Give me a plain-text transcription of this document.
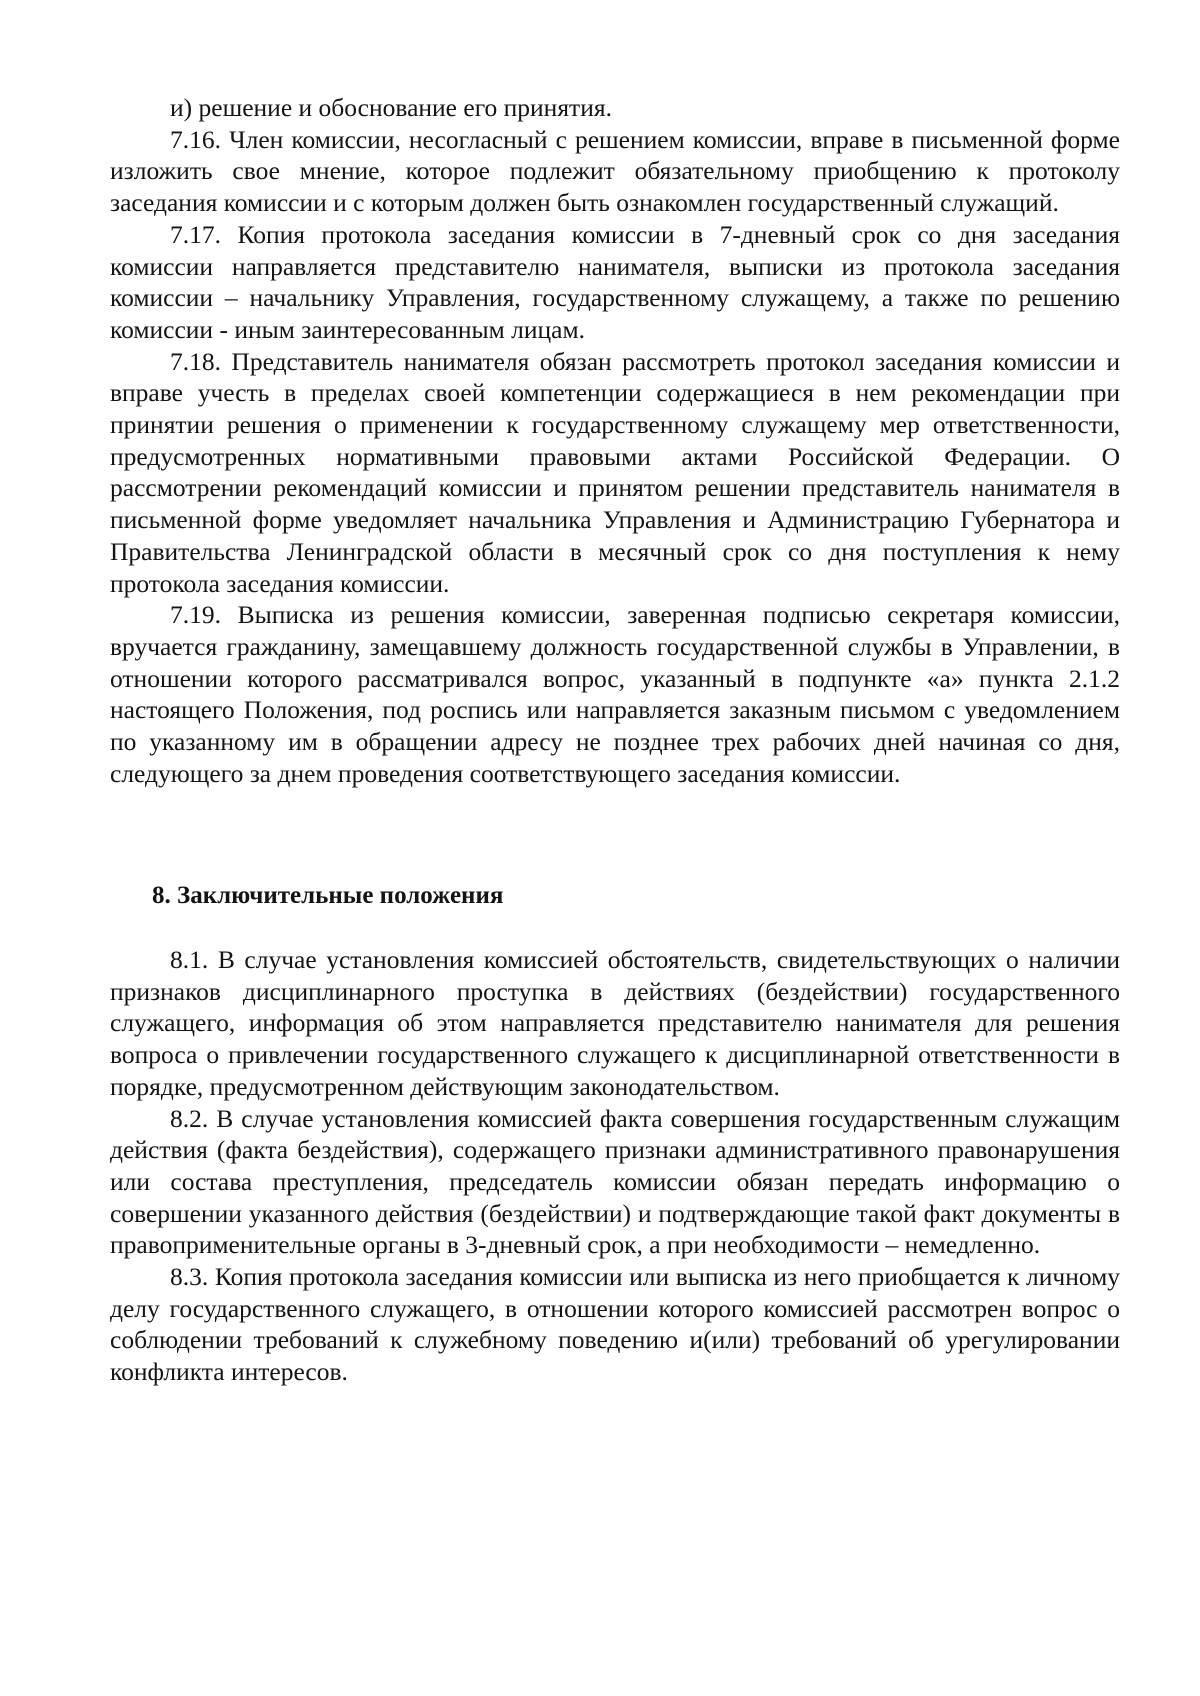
и) решение и обоснование его принятия.

7.16. Член комиссии, несогласный с решением комиссии, вправе в письменной форме изложить свое мнение, которое подлежит обязательному приобщению к протоколу заседания комиссии и с которым должен быть ознакомлен государственный служащий.

7.17. Копия протокола заседания комиссии в 7-дневный срок со дня заседания комиссии направляется представителю нанимателя, выписки из протокола заседания комиссии – начальнику Управления, государственному служащему, а также по решению комиссии - иным заинтересованным лицам.

7.18. Представитель нанимателя обязан рассмотреть протокол заседания комиссии и вправе учесть в пределах своей компетенции содержащиеся в нем рекомендации при принятии решения о применении к государственному служащему мер ответственности, предусмотренных нормативными правовыми актами Российской Федерации. О рассмотрении рекомендаций комиссии и принятом решении представитель нанимателя в письменной форме уведомляет начальника Управления и Администрацию Губернатора и Правительства Ленинградской области в месячный срок со дня поступления к нему протокола заседания комиссии.

7.19. Выписка из решения комиссии, заверенная подписью секретаря комиссии, вручается гражданину, замещавшему должность государственной службы в Управлении, в отношении которого рассматривался вопрос, указанный в подпункте «а» пункта 2.1.2 настоящего Положения, под роспись или направляется заказным письмом с уведомлением по указанному им в обращении адресу не позднее трех рабочих дней начиная со дня, следующего за днем проведения соответствующего заседания комиссии.

8. Заключительные положения

8.1. В случае установления комиссией обстоятельств, свидетельствующих о наличии признаков дисциплинарного проступка в действиях (бездействии) государственного служащего, информация об этом направляется представителю нанимателя для решения вопроса о привлечении государственного служащего к дисциплинарной ответственности в порядке, предусмотренном действующим законодательством.

8.2. В случае установления комиссией факта совершения государственным служащим действия (факта бездействия), содержащего признаки административного правонарушения или состава преступления, председатель комиссии обязан передать информацию о совершении указанного действия (бездействии) и подтверждающие такой факт документы в правоприменительные органы в 3-дневный срок, а при необходимости – немедленно.

8.3. Копия протокола заседания комиссии или выписка из него приобщается к личному делу государственного служащего, в отношении которого комиссией рассмотрен вопрос о соблюдении требований к служебному поведению и(или) требований об урегулировании конфликта интересов.
